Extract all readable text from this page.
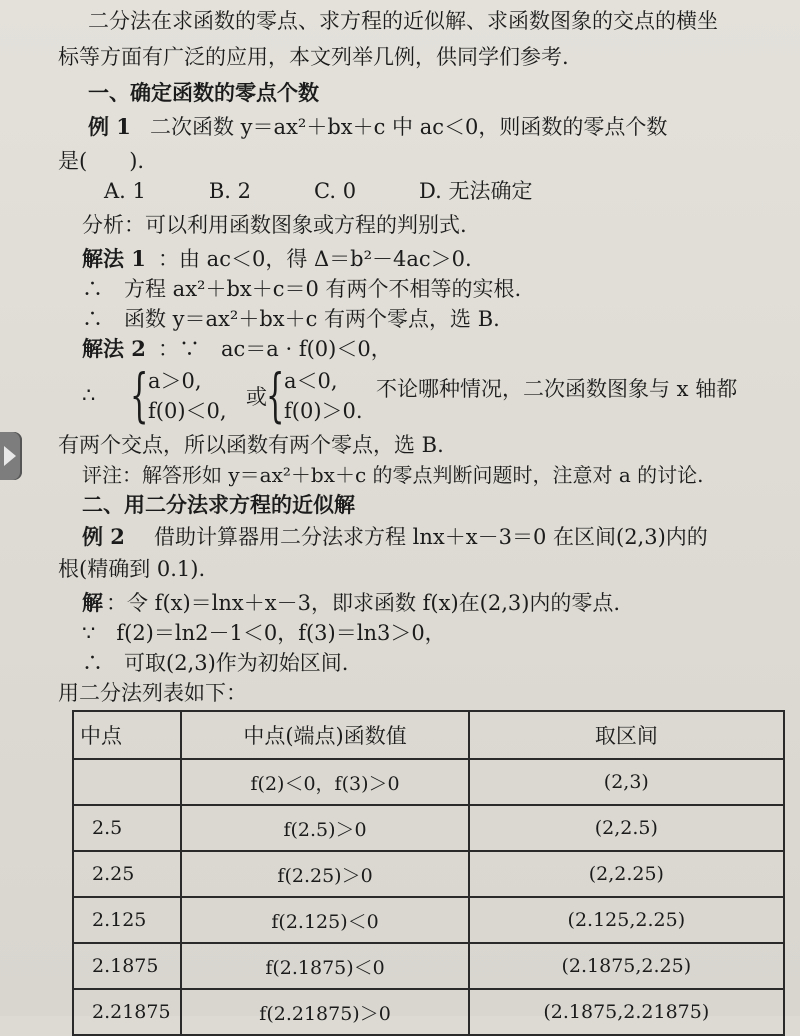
二分法在求函数的零点、求方程的近似解、求函数图象的交点的横坐
标等方面有广泛的应用，本文列举几例，供同学们参考.
一、确定函数的零点个数
例 1 二次函数 y＝ax²＋bx＋c 中 ac＜0，则函数的零点个数
是(　　).
A. 1　　　B. 2　　　C. 0　　　D. 无法确定
分析：可以利用函数图象或方程的判别式.
解法 1 ：由 ac＜0，得 Δ＝b²－4ac＞0.
∴　方程 ax²＋bx＋c＝0 有两个不相等的实根.
∴　函数 y＝ax²＋bx＋c 有两个零点，选 B.
解法 2 ：∵　ac＝a · f(0)＜0，
∴ { a＞0,
f(0)＜0,
或 { a＜0,
f(0)＞0.
不论哪种情况，二次函数图象与 x 轴都
有两个交点，所以函数有两个零点，选 B.
评注：解答形如 y＝ax²＋bx＋c 的零点判断问题时，注意对 a 的讨论.
二、用二分法求方程的近似解
例 2 借助计算器用二分法求方程 lnx＋x－3＝0 在区间(2,3)内的
根(精确到 0.1).
解 ：令 f(x)＝lnx＋x－3，即求函数 f(x)在(2,3)内的零点.
∵　f(2)＝ln2－1＜0，f(3)＝ln3＞0，
∴　可取(2,3)作为初始区间.
用二分法列表如下：
中点	中点(端点)函数值	取区间
	f(2)＜0，f(3)＞0	(2,3)
2.5	f(2.5)＞0	(2,2.5)
2.25	f(2.25)＞0	(2,2.25)
2.125	f(2.125)＜0	(2.125,2.25)
2.1875	f(2.1875)＜0	(2.1875,2.25)
2.21875	f(2.21875)＞0	(2.1875,2.21875)
